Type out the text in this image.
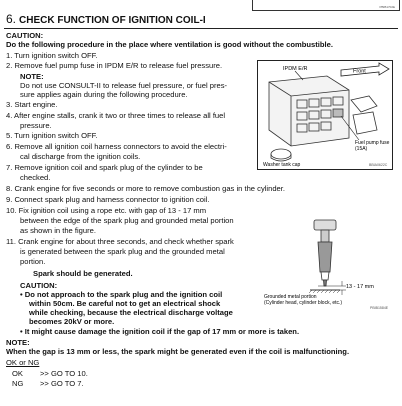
PBIB1702E
6. CHECK FUNCTION OF IGNITION COIL-I
CAUTION:
Do the following procedure in the place where ventilation is good without the combustible.
1. Turn ignition switch OFF.
2. Remove fuel pump fuse in IPDM E/R to release fuel pressure.
NOTE:
Do not use CONSULT-II to release fuel pressure, or fuel pres-
sure applies again during the following procedure.
3. Start engine.
4. After engine stalls, crank it two or three times to release all fuel
pressure.
5. Turn ignition switch OFF.
6. Remove all ignition coil harness connectors to avoid the electri-
cal discharge from the ignition coils.
7. Remove ignition coil and spark plug of the cylinder to be
checked.
8. Crank engine for five seconds or more to remove combustion gas in the cylinder.
9. Connect spark plug and harness connector to ignition coil.
10. Fix ignition coil using a rope etc. with gap of 13 - 17 mm
between the edge of the spark plug and grounded metal portion
as shown in the figure.
11. Crank engine for about three seconds, and check whether spark
is generated between the spark plug and the grounded metal
portion.
Spark should be generated.
CAUTION:
• Do not approach to the spark plug and the ignition coil
within 50cm. Be careful not to get an electrical shock
while checking, because the electrical discharge voltage
becomes 20kV or more.
• It might cause damage the ignition coil if the gap of 17 mm or more is taken.
NOTE:
When the gap is 13 mm or less, the spark might be generated even if the coil is malfunctioning.
OK or NG
OK >> GO TO 10.
NG >> GO TO 7.
Front
IPDM E/R
Fuel pump fuse
(15A)
Washer tank cap	BBIA0622C
13 - 17 mm
Grounded metal portion
(Cylinder head, cylinder block, etc.)
PBIB1584E
